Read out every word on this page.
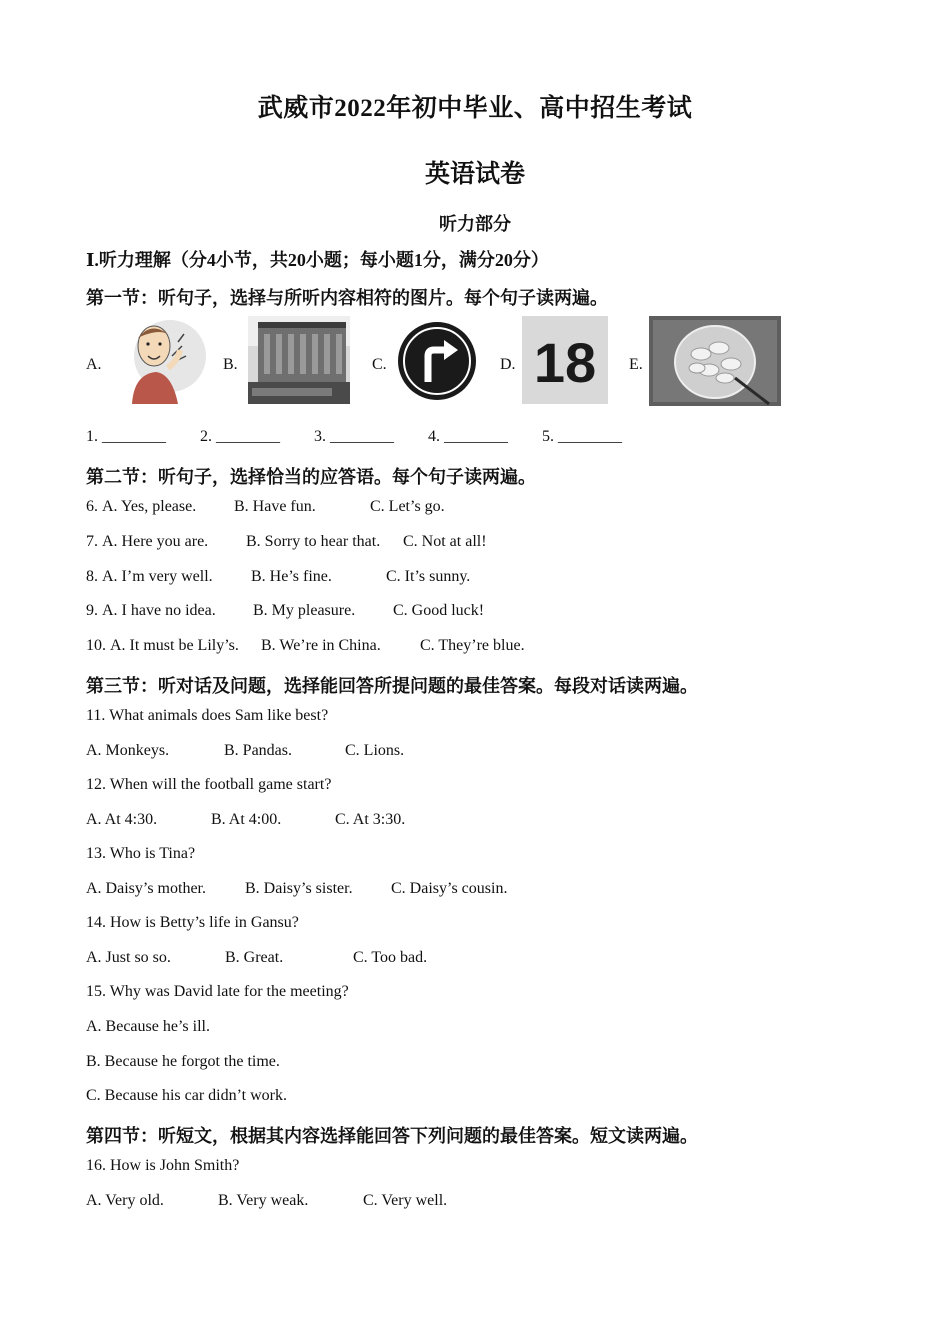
武威市2022年初中毕业、高中招生考试
英语试卷
听力部分
Ⅰ.听力理解（分4小节，共20小题；每小题1分，满分20分）
第一节：听句子，选择与所听内容相符的图片。每个句子读两遍。
A.	B.	C.	D. 18 E.
1. ________ 2. ________ 3. ________ 4. ________ 5. ________
第二节：听句子，选择恰当的应答语。每个句子读两遍。
6. A. Yes, please. B. Have fun.	C. Let’s go.
7. A. Here you are. B. Sorry to hear that. C. Not at all!
8. A. I’m very well. B. He’s fine.	C. It’s sunny.
9. A. I have no idea. B. My pleasure. C. Good luck!
10. A. It must be Lily’s. B. We’re in China. C. They’re blue.
第三节：听对话及问题，选择能回答所提问题的最佳答案。每段对话读两遍。
11. What animals does Sam like best?
A. Monkeys.	B. Pandas.	C. Lions.
12. When will the football game start?
A. At 4:30.	B. At 4:00.	C. At 3:30.
13. Who is Tina?
A. Daisy’s mother. B. Daisy’s sister. C. Daisy’s cousin.
14. How is Betty’s life in Gansu?
A. Just so so.	B. Great.	C. Too bad.
15. Why was David late for the meeting?
A. Because he’s ill.
B. Because he forgot the time.
C. Because his car didn’t work.
第四节：听短文，根据其内容选择能回答下列问题的最佳答案。短文读两遍。
16. How is John Smith?
A. Very old.	B. Very weak.	C. Very well.
